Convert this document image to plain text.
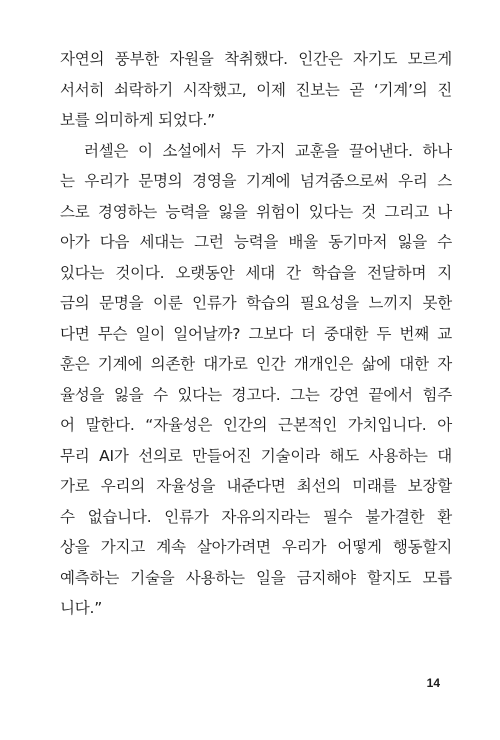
자연의 풍부한 자원을 착취했다. 인간은 자기도 모르게
서서히 쇠락하기 시작했고, 이제 진보는 곧 ‘기계’의 진
보를 의미하게 되었다.”
러셀은 이 소설에서 두 가지 교훈을 끌어낸다. 하나
는 우리가 문명의 경영을 기계에 넘겨줌으로써 우리 스
스로 경영하는 능력을 잃을 위험이 있다는 것 그리고 나
아가 다음 세대는 그런 능력을 배울 동기마저 잃을 수
있다는 것이다. 오랫동안 세대 간 학습을 전달하며 지
금의 문명을 이룬 인류가 학습의 필요성을 느끼지 못한
다면 무슨 일이 일어날까? 그보다 더 중대한 두 번째 교
훈은 기계에 의존한 대가로 인간 개개인은 삶에 대한 자
율성을 잃을 수 있다는 경고다. 그는 강연 끝에서 힘주
어 말한다. “자율성은 인간의 근본적인 가치입니다. 아
무리 AI가 선의로 만들어진 기술이라 해도 사용하는 대
가로 우리의 자율성을 내준다면 최선의 미래를 보장할
수 없습니다. 인류가 자유의지라는 필수 불가결한 환
상을 가지고 계속 살아가려면 우리가 어떻게 행동할지
예측하는 기술을 사용하는 일을 금지해야 할지도 모릅
니다.”
14
